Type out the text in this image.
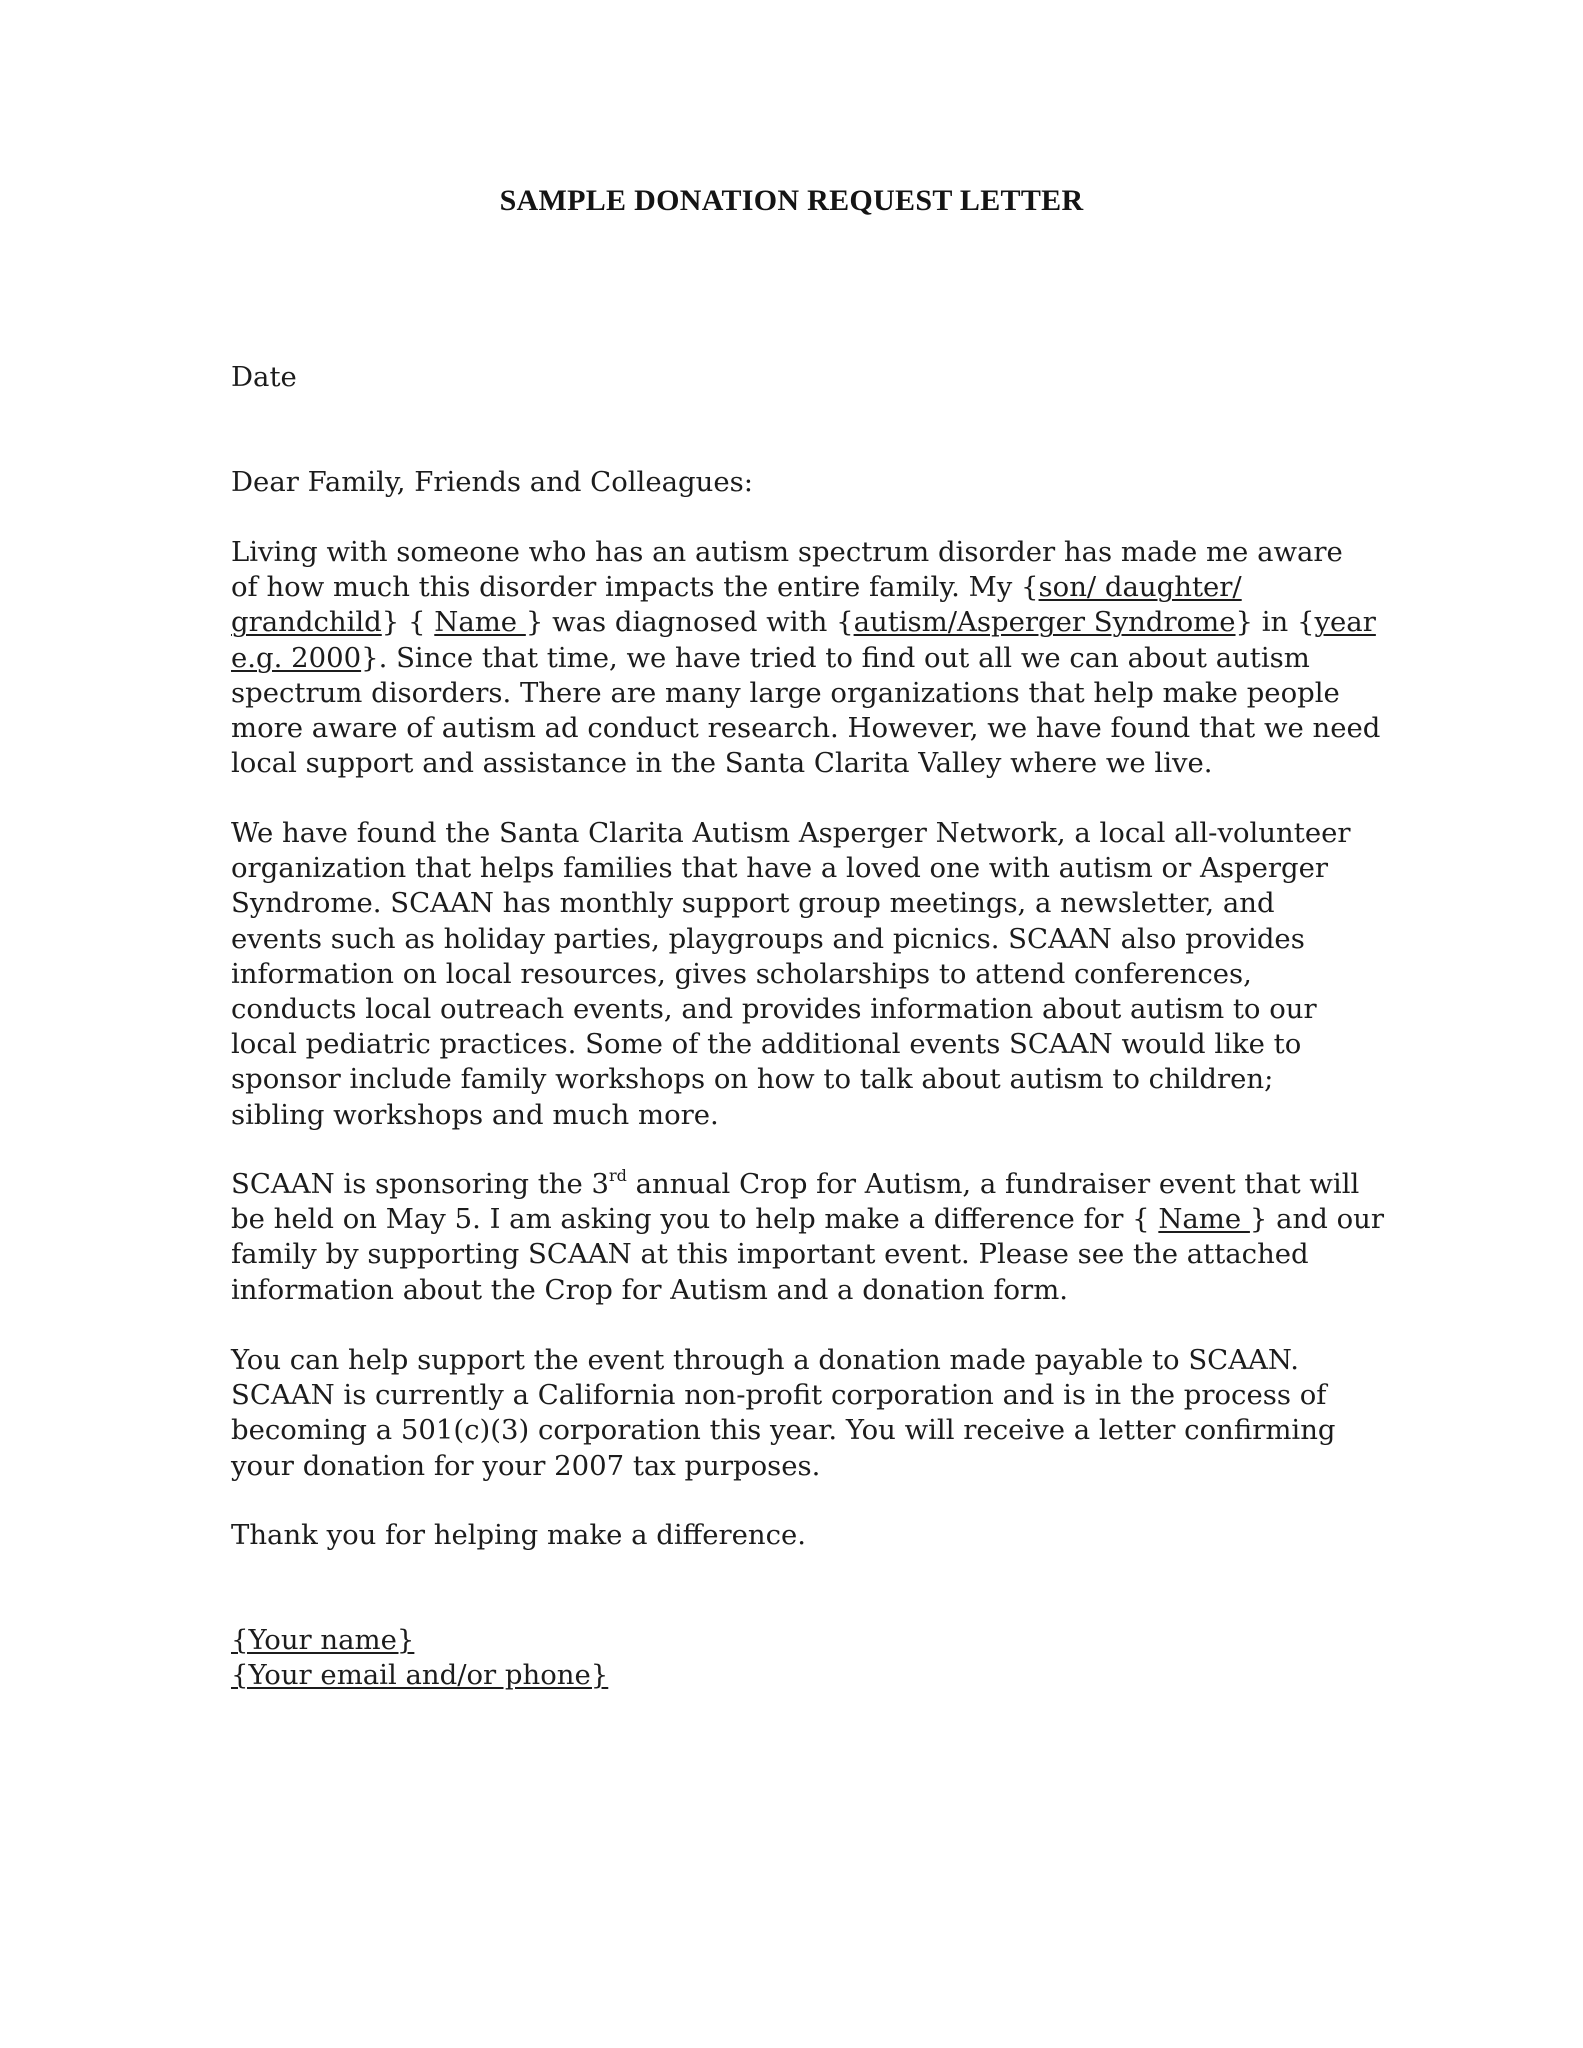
SAMPLE DONATION REQUEST LETTER
Date
Dear Family, Friends and Colleagues:
Living with someone who has an autism spectrum disorder has made me aware
of how much this disorder impacts the entire family. My {son/ daughter/
grandchild} { Name } was diagnosed with {autism/Asperger Syndrome} in {year
e.g. 2000}. Since that time, we have tried to find out all we can about autism
spectrum disorders. There are many large organizations that help make people
more aware of autism ad conduct research. However, we have found that we need
local support and assistance in the Santa Clarita Valley where we live.
We have found the Santa Clarita Autism Asperger Network, a local all-volunteer
organization that helps families that have a loved one with autism or Asperger
Syndrome. SCAAN has monthly support group meetings, a newsletter, and
events such as holiday parties, playgroups and picnics. SCAAN also provides
information on local resources, gives scholarships to attend conferences,
conducts local outreach events, and provides information about autism to our
local pediatric practices. Some of the additional events SCAAN would like to
sponsor include family workshops on how to talk about autism to children;
sibling workshops and much more.
SCAAN is sponsoring the 3rd annual Crop for Autism, a fundraiser event that will
be held on May 5. I am asking you to help make a difference for { Name } and our
family by supporting SCAAN at this important event. Please see the attached
information about the Crop for Autism and a donation form.
You can help support the event through a donation made payable to SCAAN.
SCAAN is currently a California non-profit corporation and is in the process of
becoming a 501(c)(3) corporation this year. You will receive a letter confirming
your donation for your 2007 tax purposes.
Thank you for helping make a difference.
{Your name}
{Your email and/or phone}
